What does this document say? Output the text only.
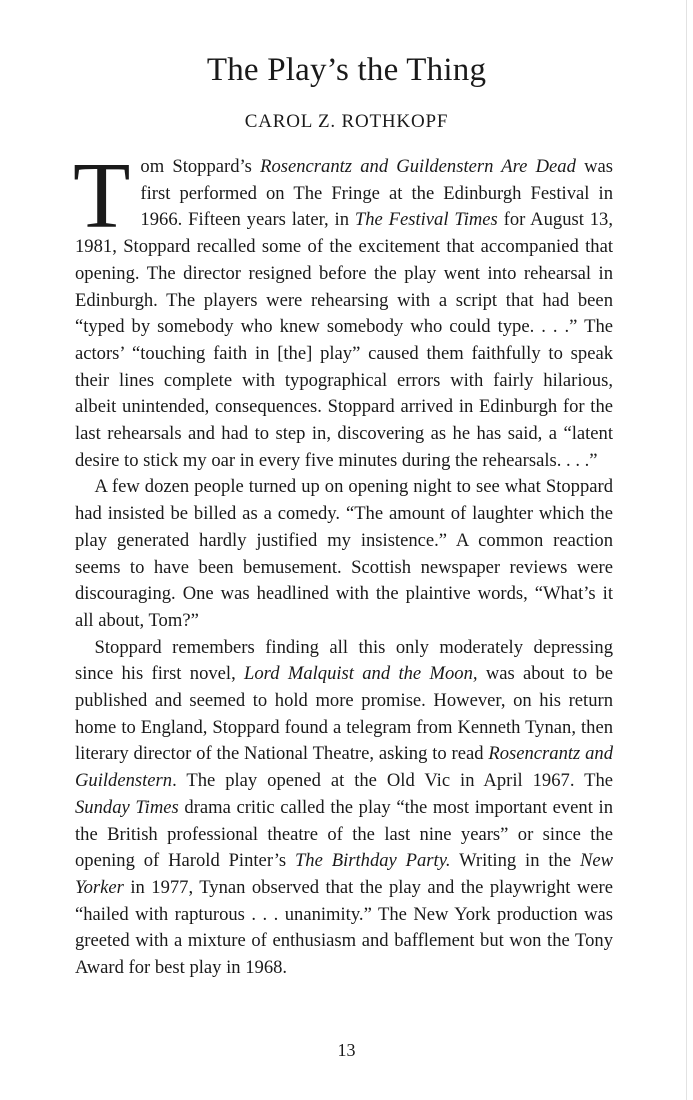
The Play’s the Thing
CAROL Z. ROTHKOPF

Tom Stoppard’s Rosencrantz and Guildenstern Are Dead was first performed on The Fringe at the Edinburgh Festival in 1966. Fifteen years later, in The Festival Times for August 13, 1981, Stoppard recalled some of the excitement that accompanied that opening. The director resigned before the play went into rehearsal in Edinburgh. The players were rehearsing with a script that had been “typed by somebody who knew somebody who could type. . . .” The actors’ “touching faith in [the] play” caused them faithfully to speak their lines complete with typographical errors with fairly hilarious, albeit unintended, consequences. Stoppard arrived in Edinburgh for the last rehearsals and had to step in, discovering as he has said, a “latent desire to stick my oar in every five minutes during the rehearsals. . . .”

A few dozen people turned up on opening night to see what Stoppard had insisted be billed as a comedy. “The amount of laughter which the play generated hardly justified my insistence.” A common reaction seems to have been bemusement. Scottish newspaper reviews were discouraging. One was headlined with the plaintive words, “What’s it all about, Tom?”

Stoppard remembers finding all this only moderately depressing since his first novel, Lord Malquist and the Moon, was about to be published and seemed to hold more promise. However, on his return home to England, Stoppard found a telegram from Kenneth Tynan, then literary director of the National Theatre, asking to read Rosencrantz and Guildenstern. The play opened at the Old Vic in April 1967. The Sunday Times drama critic called the play “the most important event in the British professional theatre of the last nine years” or since the opening of Harold Pinter’s The Birthday Party. Writing in the New Yorker in 1977, Tynan observed that the play and the playwright were “hailed with rapturous . . . unanimity.” The New York production was greeted with a mixture of enthusiasm and bafflement but won the Tony Award for best play in 1968.

13
